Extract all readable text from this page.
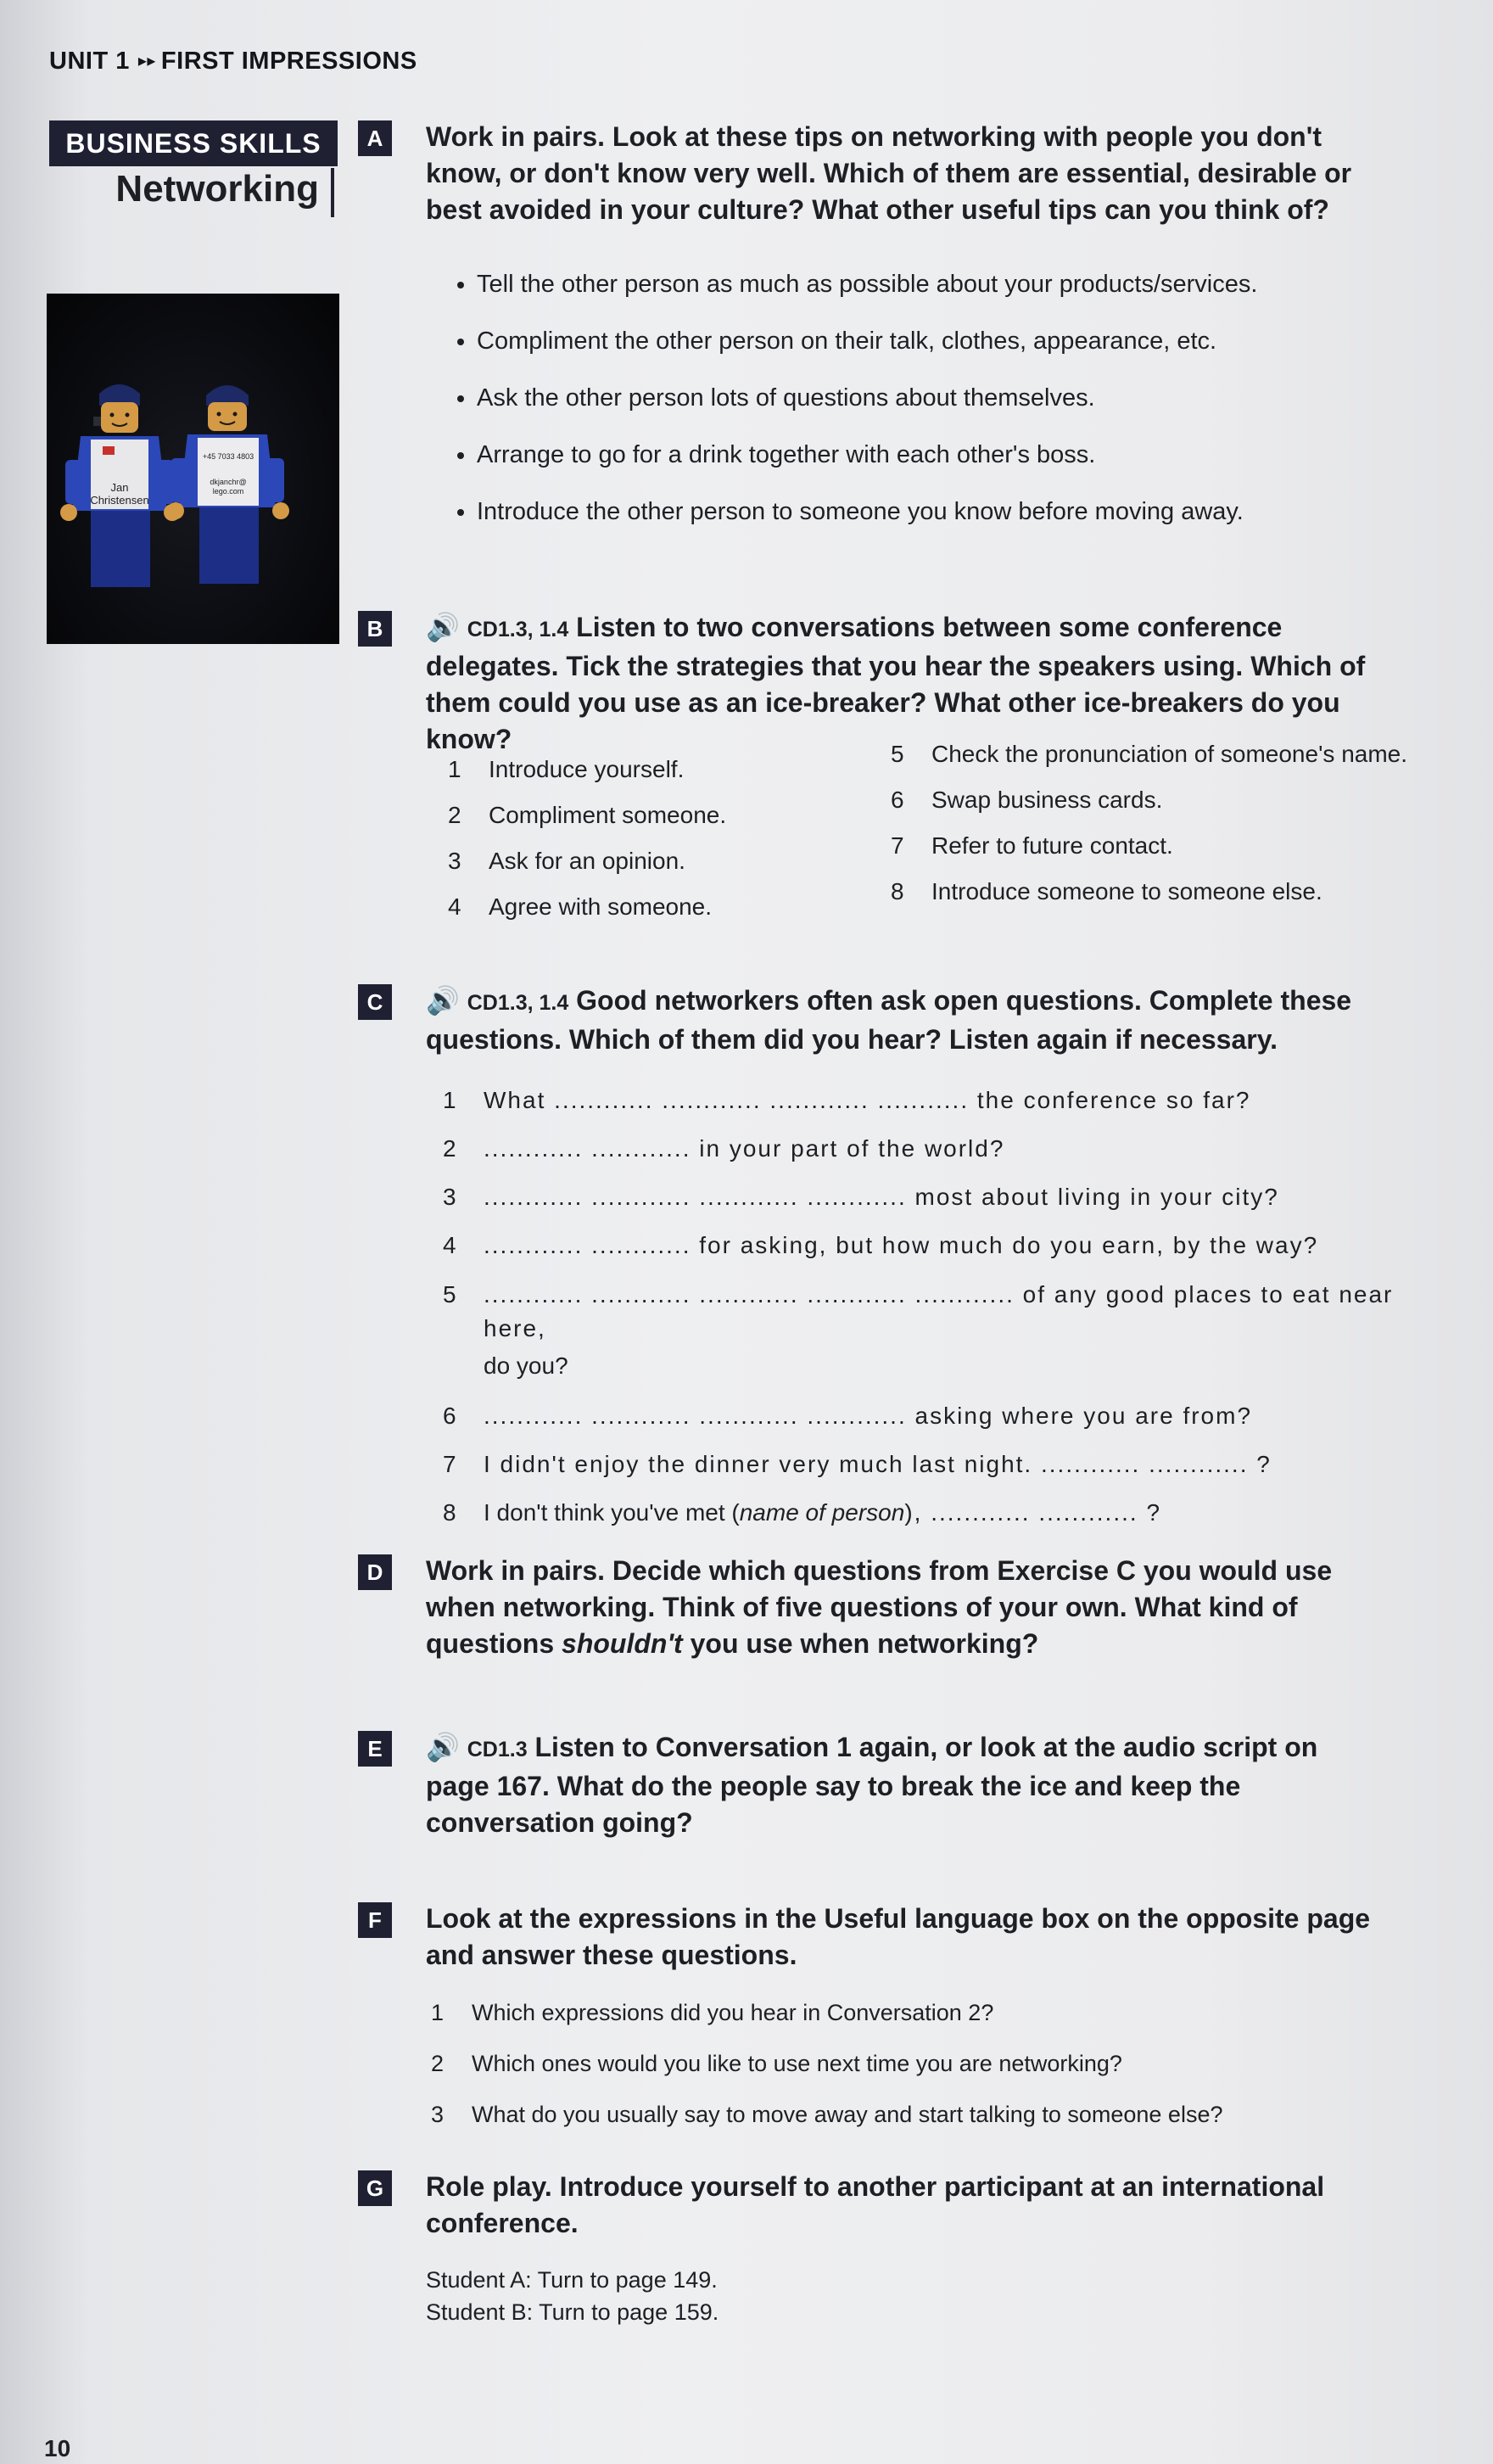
UNIT 1 ▸▸ FIRST IMPRESSIONS
BUSINESS SKILLS
Networking
Jan
Christensen
+45 7033 4803
dkjanchr@
lego.com
A	Work in pairs. Look at these tips on networking with people you don't know, or don't know very well. Which of them are essential, desirable or best avoided in your culture? What other useful tips can you think of?

• Tell the other person as much as possible about your products/services.
• Compliment the other person on their talk, clothes, appearance, etc.
• Ask the other person lots of questions about themselves.
• Arrange to go for a drink together with each other's boss.
• Introduce the other person to someone you know before moving away.
B	🔊 CD1.3, 1.4 Listen to two conversations between some conference delegates. Tick the strategies that you hear the speakers using. Which of them could you use as an ice-breaker? What other ice-breakers do you know?

1 Introduce yourself.
2 Compliment someone.
3 Ask for an opinion.
4 Agree with someone.
5 Check the pronunciation of someone's name.
6 Swap business cards.
7 Refer to future contact.
8 Introduce someone to someone else.
C	🔊 CD1.3, 1.4 Good networkers often ask open questions. Complete these questions. Which of them did you hear? Listen again if necessary.

1 What ............ ............ ............ ........... the conference so far?
2 ............ ............ in your part of the world?
3 ............ ............ ............ ............ most about living in your city?
4 ............ ............ for asking, but how much do you earn, by the way?
5 ............ ............ ............ ............ ............ of any good places to eat near here,
do you?
6 ............ ............ ............ ............ asking where you are from?
7 I didn't enjoy the dinner very much last night. ............ ............ ?
8 I don't think you've met (name of person), ............ ............ ?
D	Work in pairs. Decide which questions from Exercise C you would use when networking. Think of five questions of your own. What kind of questions shouldn't you use when networking?

E	🔊 CD1.3 Listen to Conversation 1 again, or look at the audio script on page 167. What do the people say to break the ice and keep the conversation going?

F	Look at the expressions in the Useful language box on the opposite page and answer these questions.

1 Which expressions did you hear in Conversation 2?
2 Which ones would you like to use next time you are networking?
3 What do you usually say to move away and start talking to someone else?
G	Role play. Introduce yourself to another participant at an international conference.

Student A: Turn to page 149.
Student B: Turn to page 159.
10
